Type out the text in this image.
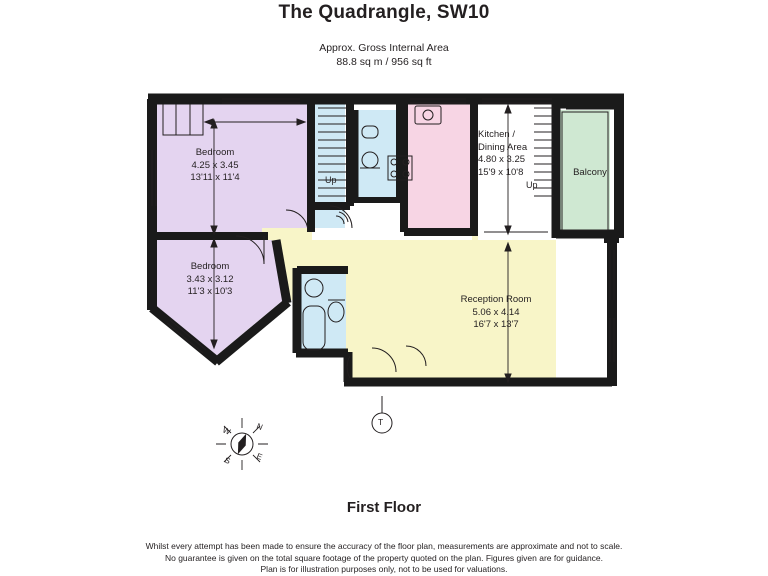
The Quadrangle, SW10
Approx. Gross Internal Area
88.8 sq m / 956 sq ft
Bedroom
4.25 x 3.45
13'11 x 11'4
Bedroom
3.43 x 3.12
11'3 x 10'3
Kitchen /
Dining Area
4.80 x 3.25
15'9 x 10'8
Reception Room
5.06 x 4.14
16'7 x 13'7
Balcony
Up	Up
T
N
E
S
W
First Floor
Whilst every attempt has been made to ensure the accuracy of the floor plan, measurements are approximate and not to scale.
No guarantee is given on the total square footage of the property quoted on the plan. Figures given are for guidance.
Plan is for illustration purposes only, not to be used for valuations.
